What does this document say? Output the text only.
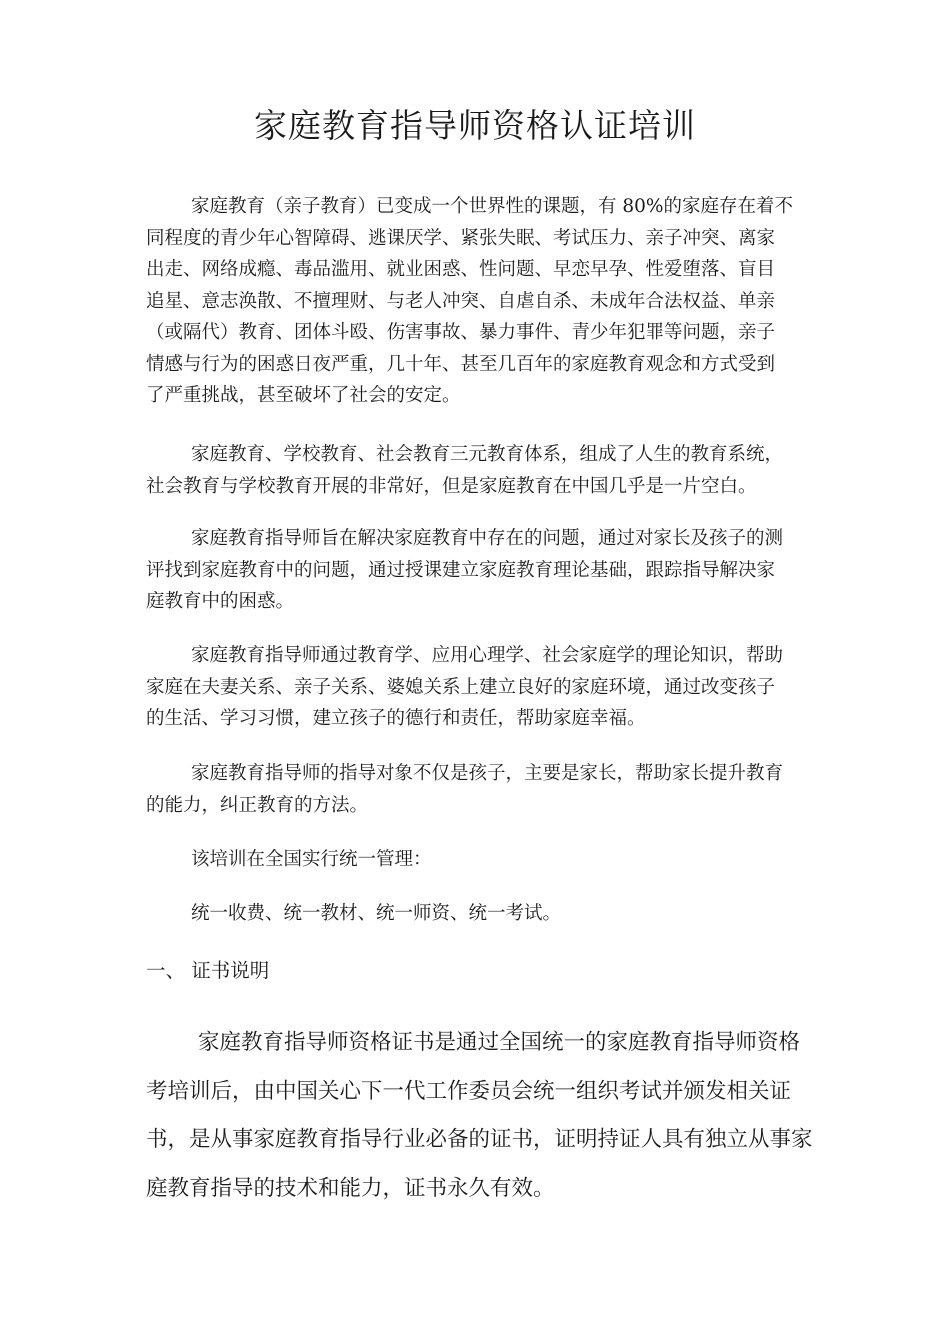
家庭教育指导师资格认证培训

家庭教育（亲子教育）已变成一个世界性的课题，有 80%的家庭存在着不
同程度的青少年心智障碍、逃课厌学、紧张失眠、考试压力、亲子冲突、离家
出走、网络成瘾、毒品滥用、就业困惑、性问题、早恋早孕、性爱堕落、盲目
追星、意志涣散、不擅理财、与老人冲突、自虐自杀、未成年合法权益、单亲
（或隔代）教育、团体斗殴、伤害事故、暴力事件、青少年犯罪等问题，亲子
情感与行为的困惑日夜严重，几十年、甚至几百年的家庭教育观念和方式受到
了严重挑战，甚至破坏了社会的安定。

家庭教育、学校教育、社会教育三元教育体系，组成了人生的教育系统，
社会教育与学校教育开展的非常好，但是家庭教育在中国几乎是一片空白。

家庭教育指导师旨在解决家庭教育中存在的问题，通过对家长及孩子的测
评找到家庭教育中的问题，通过授课建立家庭教育理论基础，跟踪指导解决家
庭教育中的困惑。

家庭教育指导师通过教育学、应用心理学、社会家庭学的理论知识，帮助
家庭在夫妻关系、亲子关系、婆媳关系上建立良好的家庭环境，通过改变孩子
的生活、学习习惯，建立孩子的德行和责任，帮助家庭幸福。

家庭教育指导师的指导对象不仅是孩子，主要是家长，帮助家长提升教育
的能力，纠正教育的方法。

该培训在全国实行统一管理：

统一收费、统一教材、统一师资、统一考试。

一、 证书说明

家庭教育指导师资格证书是通过全国统一的家庭教育指导师资格
考培训后，由中国关心下一代工作委员会统一组织考试并颁发相关证
书，是从事家庭教育指导行业必备的证书，证明持证人具有独立从事家
庭教育指导的技术和能力，证书永久有效。
